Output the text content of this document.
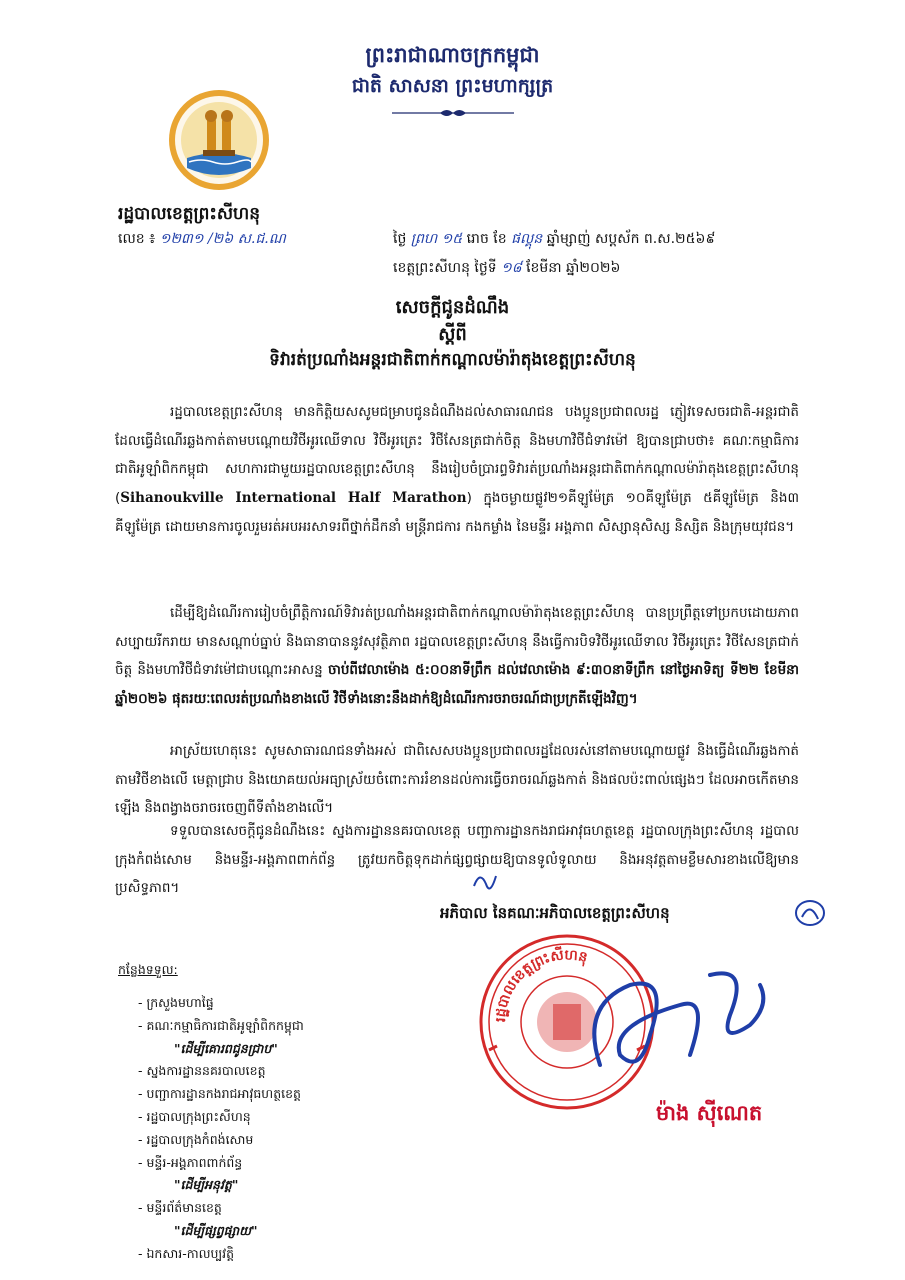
ព្រះរាជាណាចក្រកម្ពុជា
ជាតិ សាសនា ព្រះមហាក្សត្រ
រដ្ឋបាលខេត្តព្រះសីហនុ
លេខ ៖ ១២៣១ /២៦ ស.ជ.ណ	ថ្ងៃ ព្រហ ១៥ រោច ខែ ផល្គុន ឆ្នាំម្សាញ់ សប្តស័ក ព.ស.២៥៦៩
ខេត្តព្រះសីហនុ ថ្ងៃទី ១៨ ខែមីនា ឆ្នាំ២០២៦
សេចក្តីជូនដំណឹង
ស្តីពី
ទិវារត់ប្រណាំងអន្តរជាតិពាក់កណ្តាលម៉ារ៉ាតុងខេត្តព្រះសីហនុ

រដ្ឋបាលខេត្តព្រះសីហនុ មានកិត្តិយសសូមជម្រាបជូនដំណឹងដល់សាធារណជន បងប្អូនប្រជាពលរដ្ឋ ភ្ញៀវទេសចរជាតិ-អន្តរជាតិ ដែលធ្វើដំណើរឆ្លងកាត់តាមបណ្តោយវិថីអូរឈើទាល វិថីអូរត្រេះ វិថីសែនត្រជាក់ចិត្ត និងមហាវិថីជំទាវម៉ៅ ឱ្យបានជ្រាបថា៖ គណៈកម្មាធិការជាតិអូឡាំពិកកម្ពុជា សហការជាមួយរដ្ឋបាលខេត្តព្រះសីហនុ នឹងរៀបចំប្រារព្ធទិវារត់ប្រណាំងអន្តរជាតិពាក់កណ្តាលម៉ារ៉ាតុងខេត្តព្រះសីហនុ (Sihanoukville International Half Marathon) ក្នុងចម្ងាយផ្លូវ២១គីឡូម៉ែត្រ ១០គីឡូម៉ែត្រ ៥គីឡូម៉ែត្រ និង៣ គីឡូម៉ែត្រ ដោយមានការចូលរួមរត់អបអរសាទរពីថ្នាក់ដឹកនាំ មន្ត្រីរាជការ កងកម្លាំង នៃមន្ទីរ អង្គភាព សិស្សានុសិស្ស និស្សិត និងក្រុមយុវជន។

ដើម្បីឱ្យដំណើរការរៀបចំព្រឹត្តិការណ៍ទិវារត់ប្រណាំងអន្តរជាតិពាក់កណ្តាលម៉ារ៉ាតុងខេត្តព្រះសីហនុ បានប្រព្រឹត្តទៅប្រកបដោយភាពសប្បាយរីករាយ មានសណ្តាប់ធ្នាប់ និងធានាបាននូវសុវត្ថិភាព រដ្ឋបាលខេត្តព្រះសីហនុ នឹងធ្វើការបិទវិថីអូរឈើទាល វិថីអូរត្រេះ វិថីសែនត្រជាក់ចិត្ត និងមហាវិថីជំទាវម៉ៅជាបណ្តោះអាសន្ន ចាប់ពីវេលាម៉ោង ៥:០០នាទីព្រឹក ដល់វេលាម៉ោង ៩:៣០នាទីព្រឹក នៅថ្ងៃអាទិត្យ ទី២២ ខែមីនា ឆ្នាំ២០២៦ ផុតរយៈពេលរត់ប្រណាំងខាងលើ វិថីទាំងនោះនឹងដាក់ឱ្យដំណើរការចរាចរណ៍ជាប្រក្រតីឡើងវិញ។

អាស្រ័យហេតុនេះ សូមសាធារណជនទាំងអស់ ជាពិសេសបងប្អូនប្រជាពលរដ្ឋដែលរស់នៅតាមបណ្តោយផ្លូវ និងធ្វើដំណើរឆ្លងកាត់តាមវិថីខាងលើ មេត្តាជ្រាប និងយោគយល់អធ្យាស្រ័យចំពោះការរំខានដល់ការធ្វើចរាចរណ៍ឆ្លងកាត់ និងផលប៉ះពាល់ផ្សេងៗ ដែលអាចកើតមានឡើង និងពង្វាងចរាចរចេញពីទីតាំងខាងលើ។

ទទួលបានសេចក្តីជូនដំណឹងនេះ ស្នងការដ្ឋាននគរបាលខេត្ត បញ្ជាការដ្ឋានកងរាជអាវុធហត្ថខេត្ត រដ្ឋបាលក្រុងព្រះសីហនុ រដ្ឋបាលក្រុងកំពង់សោម និងមន្ទីរ-អង្គភាពពាក់ព័ន្ធ ត្រូវយកចិត្តទុកដាក់ផ្សព្វផ្សាយឱ្យបានទូលំទូលាយ និងអនុវត្តតាមខ្លឹមសារខាងលើឱ្យមានប្រសិទ្ធភាព។

អភិបាល នៃគណៈអភិបាលខេត្តព្រះសីហនុ
រដ្ឋបាលខេត្តព្រះសីហនុ
ម៉ាង ស៊ីណេត
កន្លែងទទួល:
- ក្រសួងមហាផ្ទៃ
- គណៈកម្មាធិការជាតិអូឡាំពិកកម្ពុជា
"ដើម្បីគោរពជូនជ្រាប"
- ស្នងការដ្ឋាននគរបាលខេត្ត
- បញ្ជាការដ្ឋានកងរាជអាវុធហត្ថខេត្ត
- រដ្ឋបាលក្រុងព្រះសីហនុ
- រដ្ឋបាលក្រុងកំពង់សោម
- មន្ទីរ-អង្គភាពពាក់ព័ន្ធ
"ដើម្បីអនុវត្ត"
- មន្ទីរព័ត៌មានខេត្ត
"ដើម្បីផ្សព្វផ្សាយ"
- ឯកសារ-កាលប្បវត្តិ
